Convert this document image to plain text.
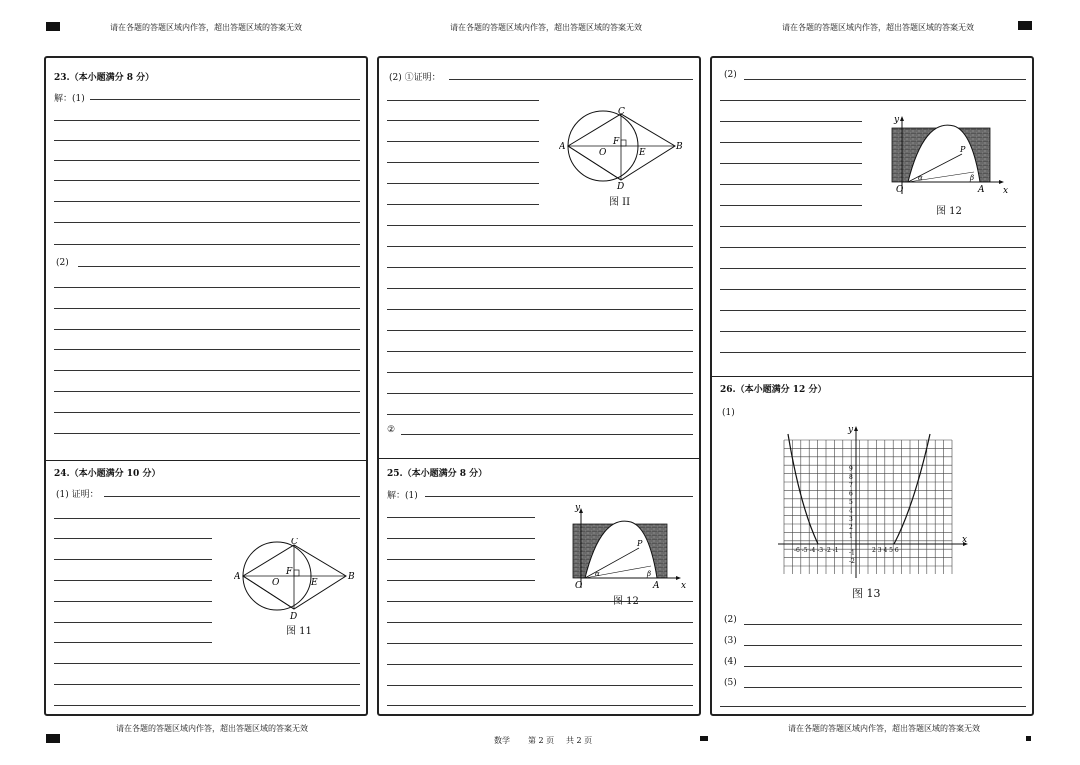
请在各题的答题区域内作答，超出答题区域的答案无效	请在各题的答题区域内作答，超出答题区域的答案无效	请在各题的答题区域内作答，超出答题区域的答案无效
请在各题的答题区域内作答，超出答题区域的答案无效	请在各题的答题区域内作答，超出答题区域的答案无效
数学 第 2 页 共 2 页
23.（本小题满分 8 分）
解：(1)
(2)
24.（本小题满分 10 分）
(1) 证明：
A	B
C
D
E
F
O
图 11
(2) ①证明：
②
A	B
C
D
E
F
O
图 II
25.（本小题满分 8 分）
解：(1)
y
x
O	A
P
α	β
图 12
(2)
y
x
O	A
P
α	β
图 12
26.（本小题满分 12 分）
(1)
y
x
-6 -5 -4 -3 -2 -1	2 3 4 5 6
9
8
7
6
5
4
3
2
1
-1
-2
图 13
(2)
(3)
(4)
(5)
